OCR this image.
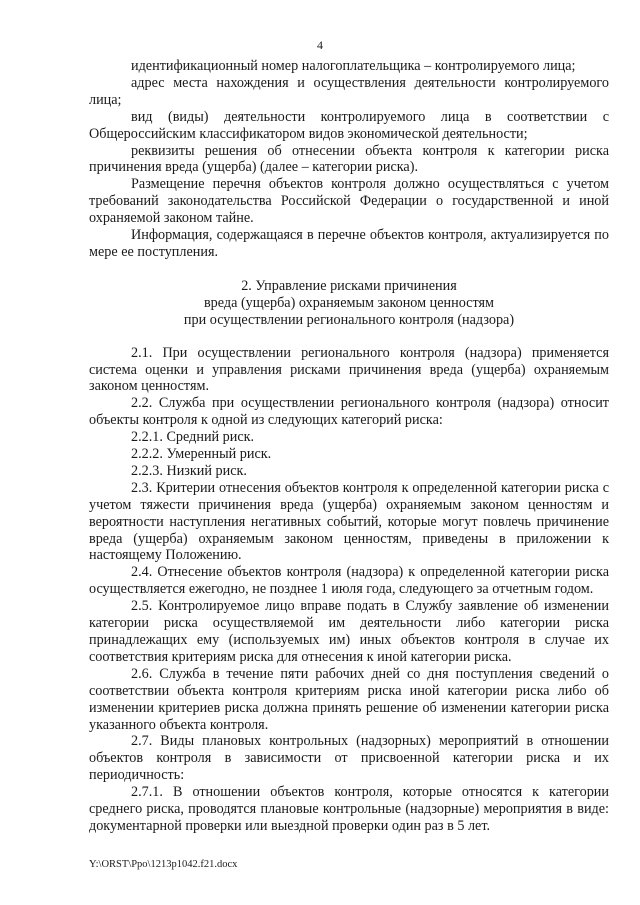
4

идентификационный номер налогоплательщика – контролируемого лица;

адрес места нахождения и осуществления деятельности контролируемого лица;

вид (виды) деятельности контролируемого лица в соответствии с Общероссийским классификатором видов экономической деятельности;

реквизиты решения об отнесении объекта контроля к категории риска причинения вреда (ущерба) (далее – категории риска).

Размещение перечня объектов контроля должно осуществляться с учетом требований законодательства Российской Федерации о государственной и иной охраняемой законом тайне.

Информация, содержащаяся в перечне объектов контроля, актуализируется по мере ее поступления.

2. Управление рисками причинения

вреда (ущерба) охраняемым законом ценностям

при осуществлении регионального контроля (надзора)

2.1. При осуществлении регионального контроля (надзора) применяется система оценки и управления рисками причинения вреда (ущерба) охраняемым законом ценностям.

2.2. Служба при осуществлении регионального контроля (надзора) относит объекты контроля к одной из следующих категорий риска:

2.2.1. Средний риск.

2.2.2. Умеренный риск.

2.2.3. Низкий риск.

2.3. Критерии отнесения объектов контроля к определенной категории риска с учетом тяжести причинения вреда (ущерба) охраняемым законом ценностям и вероятности наступления негативных событий, которые могут повлечь причинение вреда (ущерба) охраняемым законом ценностям, приведены в приложении к настоящему Положению.

2.4. Отнесение объектов контроля (надзора) к определенной категории риска осуществляется ежегодно, не позднее 1 июля года, следующего за отчетным годом.

2.5. Контролируемое лицо вправе подать в Службу заявление об изменении категории риска осуществляемой им деятельности либо категории риска принадлежащих ему (используемых им) иных объектов контроля в случае их соответствия критериям риска для отнесения к иной категории риска.

2.6. Служба в течение пяти рабочих дней со дня поступления сведений о соответствии объекта контроля критериям риска иной категории риска либо об изменении критериев риска должна принять решение об изменении категории риска указанного объекта контроля.

2.7. Виды плановых контрольных (надзорных) мероприятий в отношении объектов контроля в зависимости от присвоенной категории риска и их периодичность:

2.7.1. В отношении объектов контроля, которые относятся к категории среднего риска, проводятся плановые контрольные (надзорные) мероприятия в виде: документарной проверки или выездной проверки один раз в 5 лет.

Y:\ORST\Ppo\1213p1042.f21.docx
